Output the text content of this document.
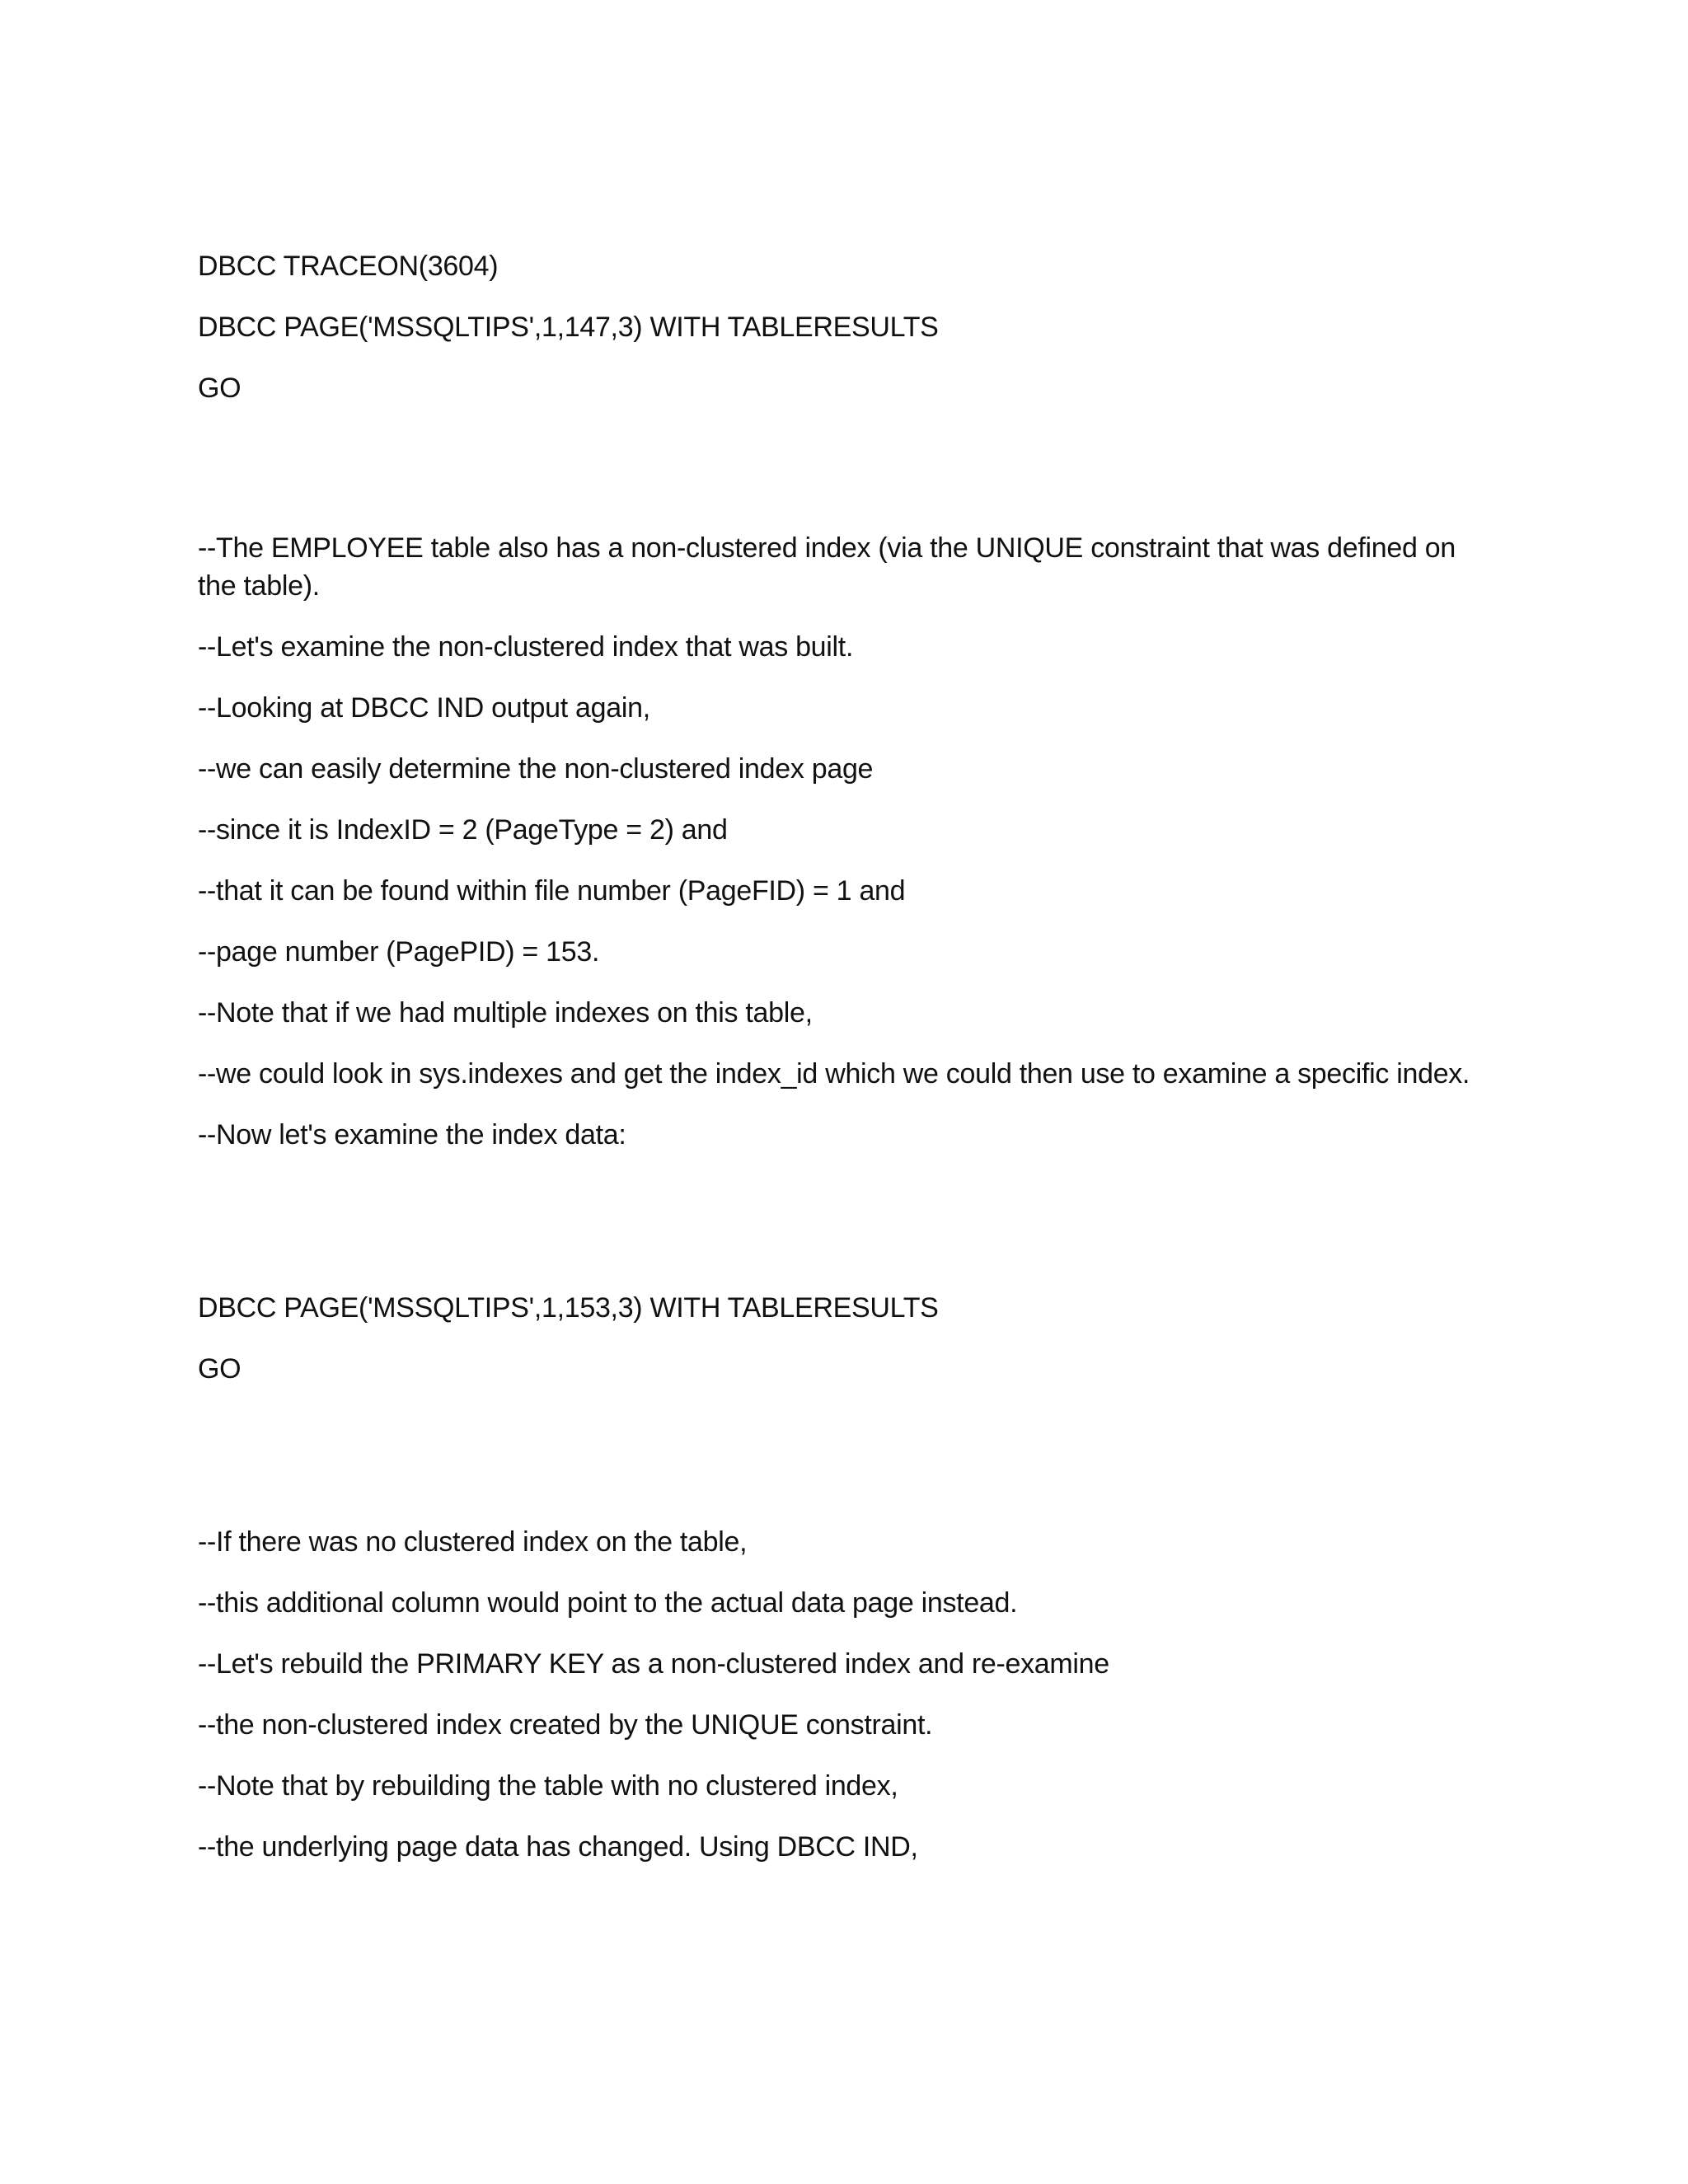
DBCC TRACEON(3604)

DBCC PAGE('MSSQLTIPS',1,147,3) WITH TABLERESULTS

GO

--The EMPLOYEE table also has a non-clustered index (via the UNIQUE constraint that was defined on the table).

--Let's examine the non-clustered index that was built.

--Looking at DBCC IND output again,

--we can easily determine the non-clustered index page

--since it is IndexID = 2 (PageType = 2) and

--that it can be found within file number (PageFID) = 1 and

--page number (PagePID) = 153.

--Note that if we had multiple indexes on this table,

--we could look in sys.indexes and get the index_id which we could then use to examine a specific index.

--Now let's examine the index data:

DBCC PAGE('MSSQLTIPS',1,153,3) WITH TABLERESULTS

GO

--If there was no clustered index on the table,

--this additional column would point to the actual data page instead.

--Let's rebuild the PRIMARY KEY as a non-clustered index and re-examine

--the non-clustered index created by the UNIQUE constraint.

--Note that by rebuilding the table with no clustered index,

--the underlying page data has changed. Using DBCC IND,
